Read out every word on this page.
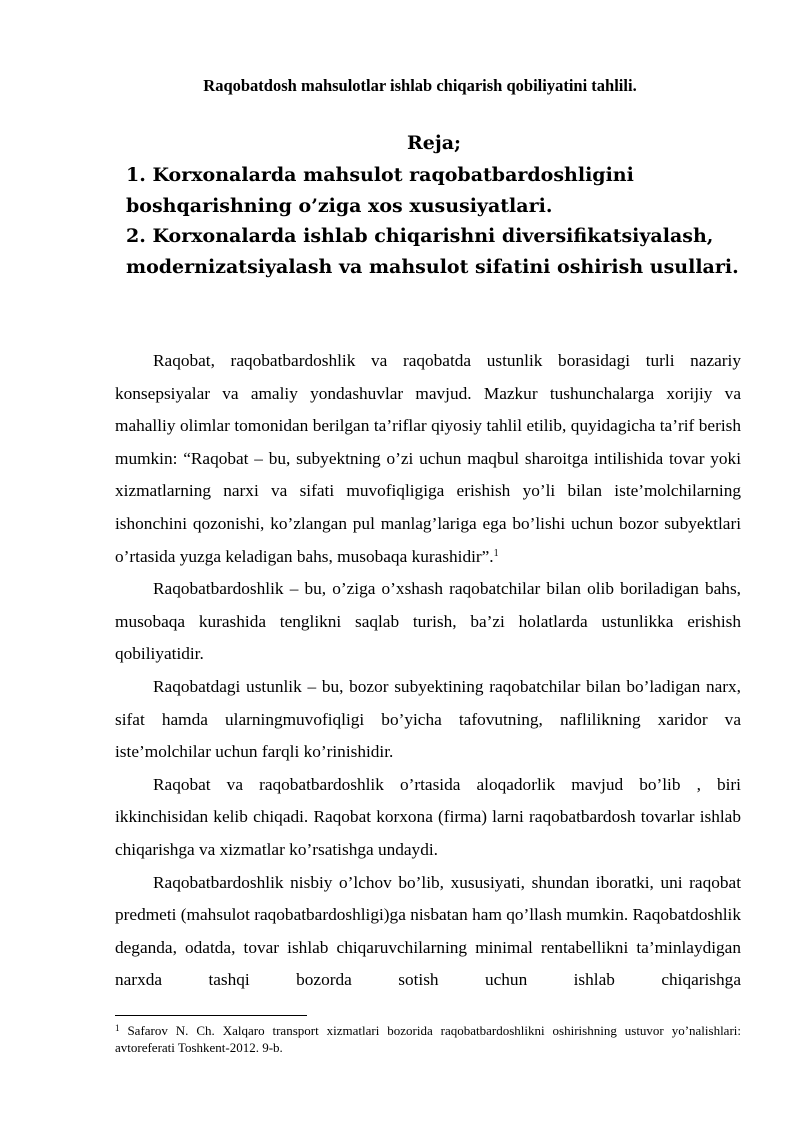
Raqobatdosh mahsulotlar ishlab chiqarish qobiliyatini tahlili.
Reja;
1. Korxonalarda mahsulot raqobatbardoshligini boshqarishning o’ziga xos xususiyatlari.
2. Korxonalarda ishlab chiqarishni diversifikatsiyalash, modernizatsiyalash va mahsulot sifatini oshirish usullari.

Raqobat, raqobatbardoshlik va raqobatda ustunlik borasidagi turli nazariy konsepsiyalar va amaliy yondashuvlar mavjud. Mazkur tushunchalarga xorijiy va mahalliy olimlar tomonidan berilgan ta’riflar qiyosiy tahlil etilib, quyidagicha ta’rif berish mumkin: “Raqobat – bu, subyektning o’zi uchun maqbul sharoitga intilishida tovar yoki xizmatlarning narxi va sifati muvofiqligiga erishish yo’li bilan iste’molchilarning ishonchini qozonishi, ko’zlangan pul manlag’lariga ega bo’lishi uchun bozor subyektlari o’rtasida yuzga keladigan bahs, musobaqa kurashidir”.$^1$

Raqobatbardoshlik – bu, o’ziga o’xshash raqobatchilar bilan olib boriladigan bahs, musobaqa kurashida tenglikni saqlab turish, ba’zi holatlarda ustunlikka erishish qobiliyatidir.

Raqobatdagi ustunlik – bu, bozor subyektining raqobatchilar bilan bo’ladigan narx, sifat hamda ularningmuvofiqligi bo’yicha tafovutning, naflilikning xaridor va iste’molchilar uchun farqli ko’rinishidir.

Raqobat va raqobatbardoshlik o’rtasida aloqadorlik mavjud bo’lib , biri ikkinchisidan kelib chiqadi. Raqobat korxona (firma) larni raqobatbardosh tovarlar ishlab chiqarishga va xizmatlar ko’rsatishga undaydi.

Raqobatbardoshlik nisbiy o’lchov bo’lib, xususiyati, shundan iboratki, uni raqobat predmeti (mahsulot raqobatbardoshligi)ga nisbatan ham qo’llash mumkin. Raqobatdoshlik deganda, odatda, tovar ishlab chiqaruvchilarning minimal rentabellikni ta’minlaydigan narxda tashqi bozorda sotish uchun ishlab chiqarishga

$^1$ Safarov N. Ch. Xalqaro transport xizmatlari bozorida raqobatbardoshlikni oshirishning ustuvor yo’nalishlari: avtoreferati Toshkent-2012. 9-b.
